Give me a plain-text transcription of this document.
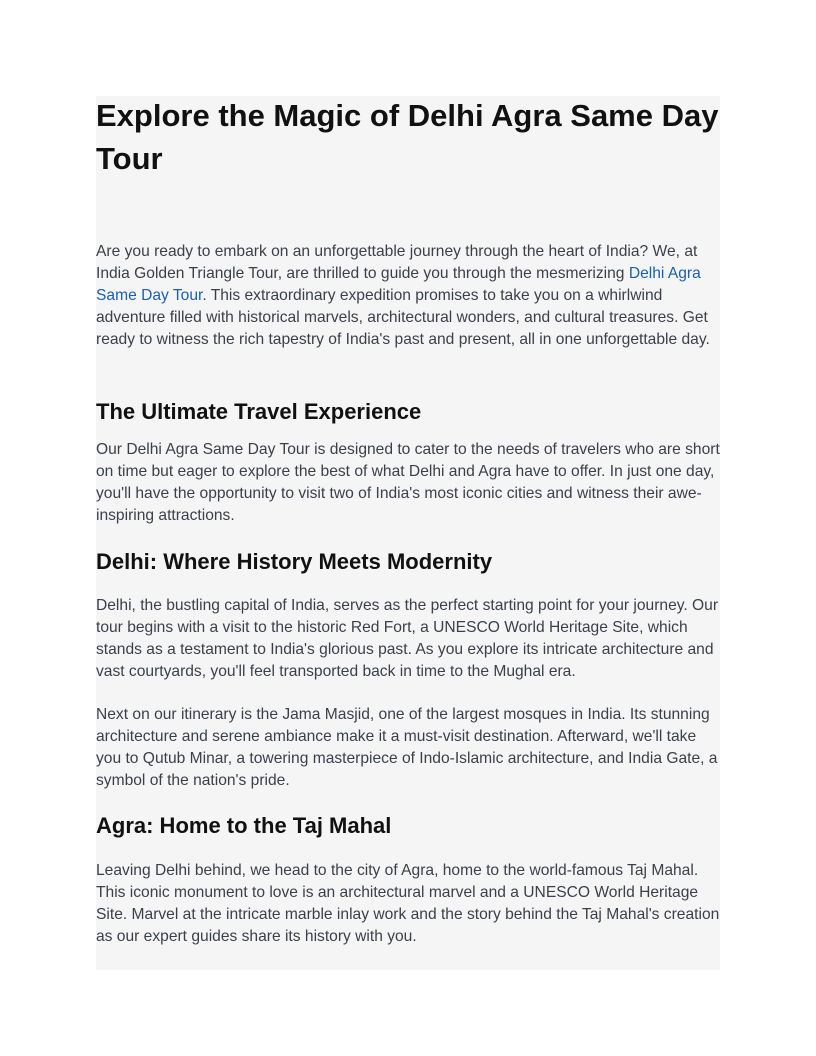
Explore the Magic of Delhi Agra Same Day Tour

Are you ready to embark on an unforgettable journey through the heart of India? We, at India Golden Triangle Tour, are thrilled to guide you through the mesmerizing Delhi Agra Same Day Tour. This extraordinary expedition promises to take you on a whirlwind adventure filled with historical marvels, architectural wonders, and cultural treasures. Get ready to witness the rich tapestry of India's past and present, all in one unforgettable day.

The Ultimate Travel Experience

Our Delhi Agra Same Day Tour is designed to cater to the needs of travelers who are short on time but eager to explore the best of what Delhi and Agra have to offer. In just one day, you'll have the opportunity to visit two of India's most iconic cities and witness their awe-inspiring attractions.

Delhi: Where History Meets Modernity

Delhi, the bustling capital of India, serves as the perfect starting point for your journey. Our tour begins with a visit to the historic Red Fort, a UNESCO World Heritage Site, which stands as a testament to India's glorious past. As you explore its intricate architecture and vast courtyards, you'll feel transported back in time to the Mughal era.

Next on our itinerary is the Jama Masjid, one of the largest mosques in India. Its stunning architecture and serene ambiance make it a must-visit destination. Afterward, we'll take you to Qutub Minar, a towering masterpiece of Indo-Islamic architecture, and India Gate, a symbol of the nation's pride.

Agra: Home to the Taj Mahal

Leaving Delhi behind, we head to the city of Agra, home to the world-famous Taj Mahal. This iconic monument to love is an architectural marvel and a UNESCO World Heritage Site. Marvel at the intricate marble inlay work and the story behind the Taj Mahal's creation as our expert guides share its history with you.
